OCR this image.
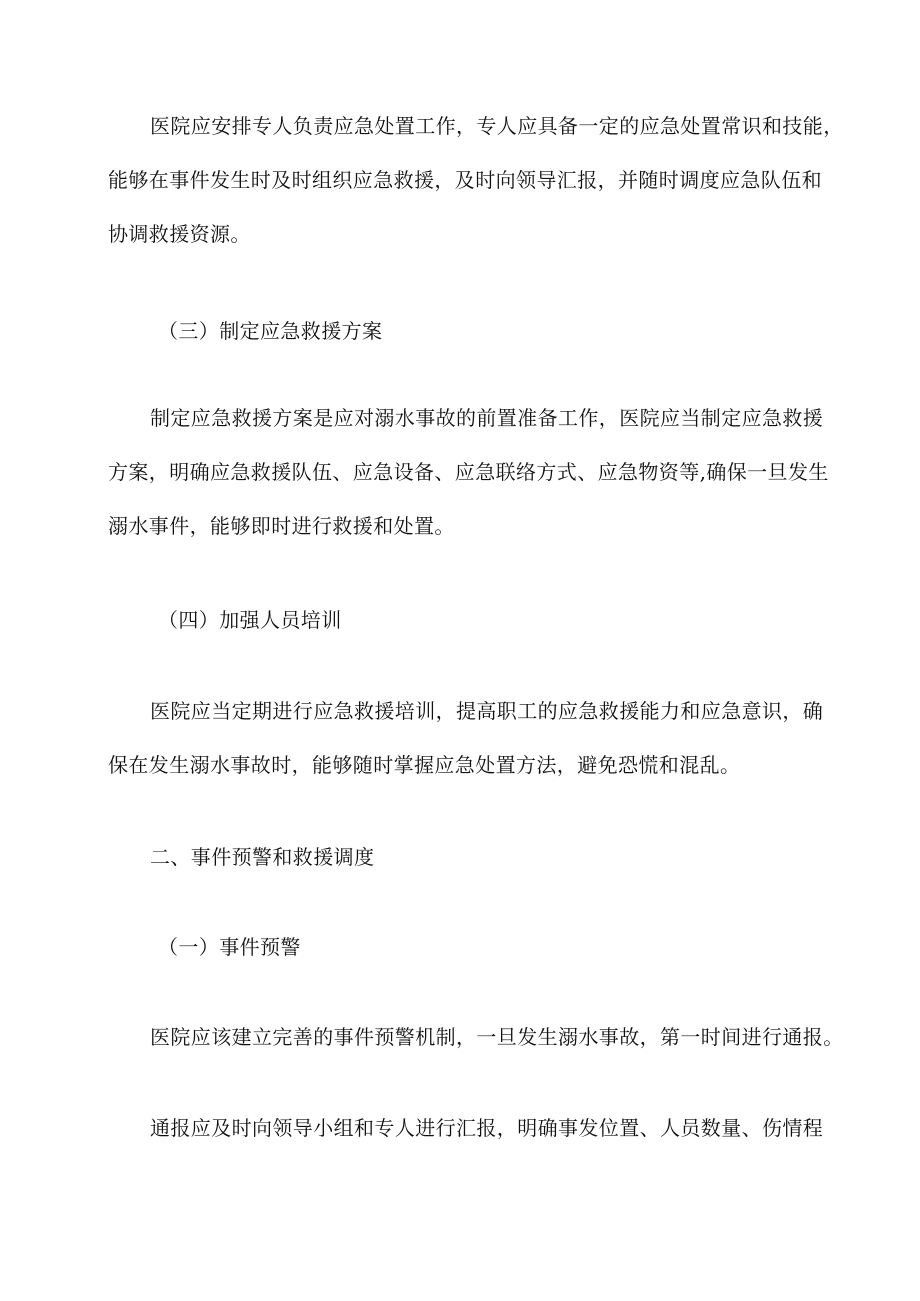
医院应安排专人负责应急处置工作，专人应具备一定的应急处置常识和技能，
能够在事件发生时及时组织应急救援，及时向领导汇报，并随时调度应急队伍和
协调救援资源。

（三）制定应急救援方案

制定应急救援方案是应对溺水事故的前置准备工作，医院应当制定应急救援
方案，明确应急救援队伍、应急设备、应急联络方式、应急物资等,确保一旦发生
溺水事件，能够即时进行救援和处置。

（四）加强人员培训

医院应当定期进行应急救援培训，提高职工的应急救援能力和应急意识，确
保在发生溺水事故时，能够随时掌握应急处置方法，避免恐慌和混乱。

二、事件预警和救援调度

（一）事件预警

医院应该建立完善的事件预警机制，一旦发生溺水事故，第一时间进行通报。

通报应及时向领导小组和专人进行汇报，明确事发位置、人员数量、伤情程
